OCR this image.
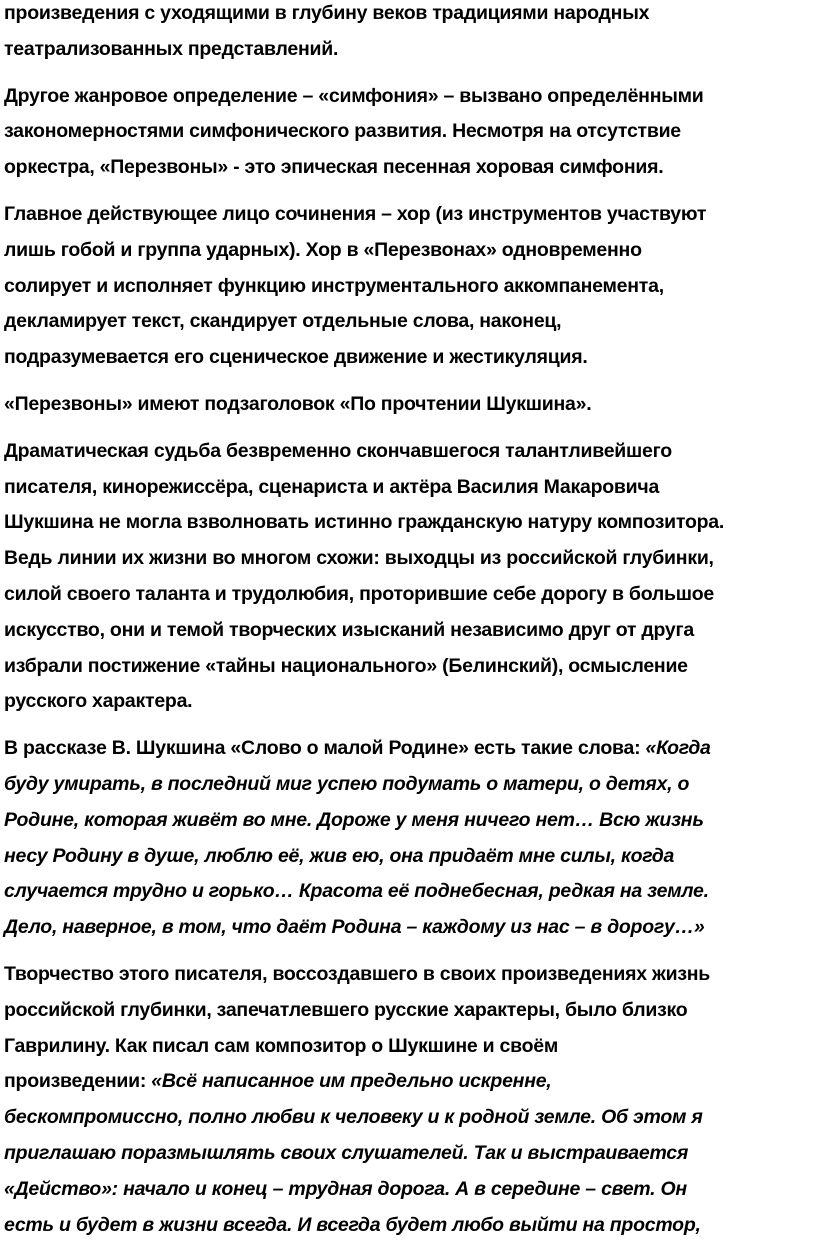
произведения с уходящими в глубину веков традициями народных
театрализованных представлений.
Другое жанровое определение – «симфония» – вызвано определёнными
закономерностями симфонического развития. Несмотря на отсутствие
оркестра, «Перезвоны» - это эпическая песенная хоровая симфония.
Главное действующее лицо сочинения – хор (из инструментов участвуют
лишь гобой и группа ударных). Хор в «Перезвонах» одновременно
солирует и исполняет функцию инструментального аккомпанемента,
декламирует текст, скандирует отдельные слова, наконец,
подразумевается его сценическое движение и жестикуляция.
«Перезвоны» имеют подзаголовок «По прочтении Шукшина».
Драматическая судьба безвременно скончавшегося талантливейшего
писателя, кинорежиссёра, сценариста и актёра Василия Макаровича
Шукшина не могла взволновать истинно гражданскую натуру композитора.
Ведь линии их жизни во многом схожи: выходцы из российской глубинки,
силой своего таланта и трудолюбия, проторившие себе дорогу в большое
искусство, они и темой творческих изысканий независимо друг от друга
избрали постижение «тайны национального» (Белинский), осмысление
русского характера.
В рассказе В. Шукшина «Слово о малой Родине» есть такие слова: «Когда
буду умирать, в последний миг успею подумать о матери, о детях, о
Родине, которая живёт во мне. Дороже у меня ничего нет… Всю жизнь
несу Родину в душе, люблю её, жив ею, она придаёт мне силы, когда
случается трудно и горько… Красота её поднебесная, редкая на земле.
Дело, наверное, в том, что даёт Родина – каждому из нас – в дорогу…»
Творчество этого писателя, воссоздавшего в своих произведениях жизнь
российской глубинки, запечатлевшего русские характеры, было близко
Гаврилину. Как писал сам композитор о Шукшине и своём
произведении: «Всё написанное им предельно искренне,
бескомпромиссно, полно любви к человеку и к родной земле. Об этом я
приглашаю поразмышлять своих слушателей. Так и выстраивается
«Действо»: начало и конец – трудная дорога. А в середине – свет. Он
есть и будет в жизни всегда. И всегда будет любо выйти на простор,
